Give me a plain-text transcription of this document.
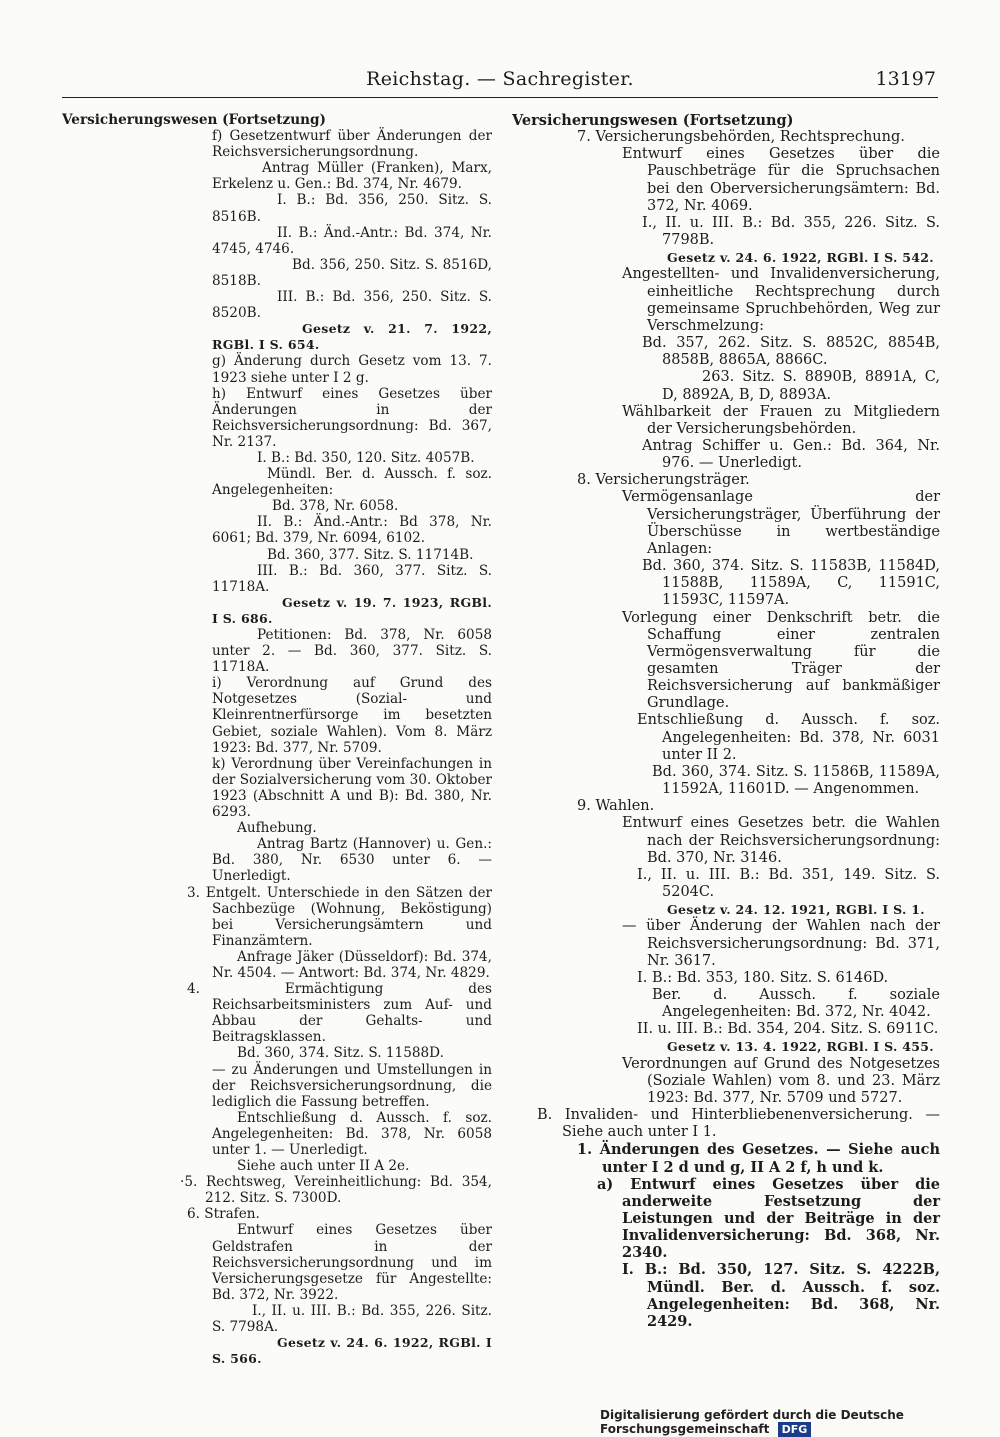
Reichstag. — Sachregister.	13197

Versicherungswesen (Fortsetzung)

f) Gesetzentwurf über Änderungen der Reichsversicherungsordnung.

Antrag Müller (Franken), Marx, Erkelenz u. Gen.: Bd. 374, Nr. 4679.

I. B.: Bd. 356, 250. Sitz. S. 8516B.

II. B.: Änd.-Antr.: Bd. 374, Nr. 4745, 4746.

Bd. 356, 250. Sitz. S. 8516D, 8518B.

III. B.: Bd. 356, 250. Sitz. S. 8520B.

Gesetz v. 21. 7. 1922, RGBl. I S. 654.

g) Änderung durch Gesetz vom 13. 7. 1923 siehe unter I 2 g.

h) Entwurf eines Gesetzes über Änderungen in der Reichsversicherungsordnung: Bd. 367, Nr. 2137.

I. B.: Bd. 350, 120. Sitz. 4057B.

Mündl. Ber. d. Aussch. f. soz. Angelegenheiten:

Bd. 378, Nr. 6058.

II. B.: Änd.-Antr.: Bd 378, Nr. 6061; Bd. 379, Nr. 6094, 6102.

Bd. 360, 377. Sitz. S. 11714B.

III. B.: Bd. 360, 377. Sitz. S. 11718A.

Gesetz v. 19. 7. 1923, RGBl. I S. 686.

Petitionen: Bd. 378, Nr. 6058 unter 2. — Bd. 360, 377. Sitz. S. 11718A.

i) Verordnung auf Grund des Notgesetzes (Sozial- und Kleinrentnerfürsorge im besetzten Gebiet, soziale Wahlen). Vom 8. März 1923: Bd. 377, Nr. 5709.

k) Verordnung über Vereinfachungen in der Sozialversicherung vom 30. Oktober 1923 (Abschnitt A und B): Bd. 380, Nr. 6293.

Aufhebung.

Antrag Bartz (Hannover) u. Gen.: Bd. 380, Nr. 6530 unter 6. — Unerledigt.

3. Entgelt. Unterschiede in den Sätzen der Sachbezüge (Wohnung, Beköstigung) bei Versicherungsämtern und Finanzämtern.

Anfrage Jäker (Düsseldorf): Bd. 374, Nr. 4504. — Antwort: Bd. 374, Nr. 4829.

4. Ermächtigung des Reichsarbeitsministers zum Auf- und Abbau der Gehalts- und Beitragsklassen.

Bd. 360, 374. Sitz. S. 11588D.

— zu Änderungen und Umstellungen in der Reichsversicherungsordnung, die lediglich die Fassung betreffen.

Entschließung d. Aussch. f. soz. Angelegenheiten: Bd. 378, Nr. 6058 unter 1. — Unerledigt.

Siehe auch unter II A 2e.

·5. Rechtsweg, Vereinheitlichung: Bd. 354, 212. Sitz. S. 7300D.

6. Strafen.

Entwurf eines Gesetzes über Geldstrafen in der Reichsversicherungsordnung und im Versicherungsgesetze für Angestellte: Bd. 372, Nr. 3922.

I., II. u. III. B.: Bd. 355, 226. Sitz. S. 7798A.

Gesetz v. 24. 6. 1922, RGBl. I S. 566.

Versicherungswesen (Fortsetzung)

7. Versicherungsbehörden, Rechtsprechung.

Entwurf eines Gesetzes über die Pauschbeträge für die Spruchsachen bei den Oberversicherungsämtern: Bd. 372, Nr. 4069.

I., II. u. III. B.: Bd. 355, 226. Sitz. S. 7798B.

Gesetz v. 24. 6. 1922, RGBl. I S. 542.

Angestellten- und Invalidenversicherung, einheitliche Rechtsprechung durch gemeinsame Spruchbehörden, Weg zur Verschmelzung:

Bd. 357, 262. Sitz. S. 8852C, 8854B, 8858B, 8865A, 8866C.

263. Sitz. S. 8890B, 8891A, C, D, 8892A, B, D, 8893A.

Wählbarkeit der Frauen zu Mitgliedern der Versicherungsbehörden.

Antrag Schiffer u. Gen.: Bd. 364, Nr. 976. — Unerledigt.

8. Versicherungsträger.

Vermögensanlage der Versicherungsträger, Überführung der Überschüsse in wertbeständige Anlagen:

Bd. 360, 374. Sitz. S. 11583B, 11584D, 11588B, 11589A, C, 11591C, 11593C, 11597A.

Vorlegung einer Denkschrift betr. die Schaffung einer zentralen Vermögensverwaltung für die gesamten Träger der Reichsversicherung auf bankmäßiger Grundlage.

Entschließung d. Aussch. f. soz. Angelegenheiten: Bd. 378, Nr. 6031 unter II 2.

Bd. 360, 374. Sitz. S. 11586B, 11589A, 11592A, 11601D. — Angenommen.

9. Wahlen.

Entwurf eines Gesetzes betr. die Wahlen nach der Reichsversicherungsordnung: Bd. 370, Nr. 3146.

I., II. u. III. B.: Bd. 351, 149. Sitz. S. 5204C.

Gesetz v. 24. 12. 1921, RGBl. I S. 1.

— über Änderung der Wahlen nach der Reichsversicherungsordnung: Bd. 371, Nr. 3617.

I. B.: Bd. 353, 180. Sitz. S. 6146D.

Ber. d. Aussch. f. soziale Angelegenheiten: Bd. 372, Nr. 4042.

II. u. III. B.: Bd. 354, 204. Sitz. S. 6911C.

Gesetz v. 13. 4. 1922, RGBl. I S. 455.

Verordnungen auf Grund des Notgesetzes (Soziale Wahlen) vom 8. und 23. März 1923: Bd. 377, Nr. 5709 und 5727.

B. Invaliden- und Hinterbliebenenversicherung. — Siehe auch unter I 1.

1. Änderungen des Gesetzes. — Siehe auch unter I 2 d und g, II A 2 f, h und k.

a) Entwurf eines Gesetzes über die anderweite Festsetzung der Leistungen und der Beiträge in der Invalidenversicherung: Bd. 368, Nr. 2340.

I. B.: Bd. 350, 127. Sitz. S. 4222B, Mündl. Ber. d. Aussch. f. soz. Angelegenheiten: Bd. 368, Nr. 2429.

Digitalisierung gefördert durch die Deutsche Forschungsgemeinschaft DFG
